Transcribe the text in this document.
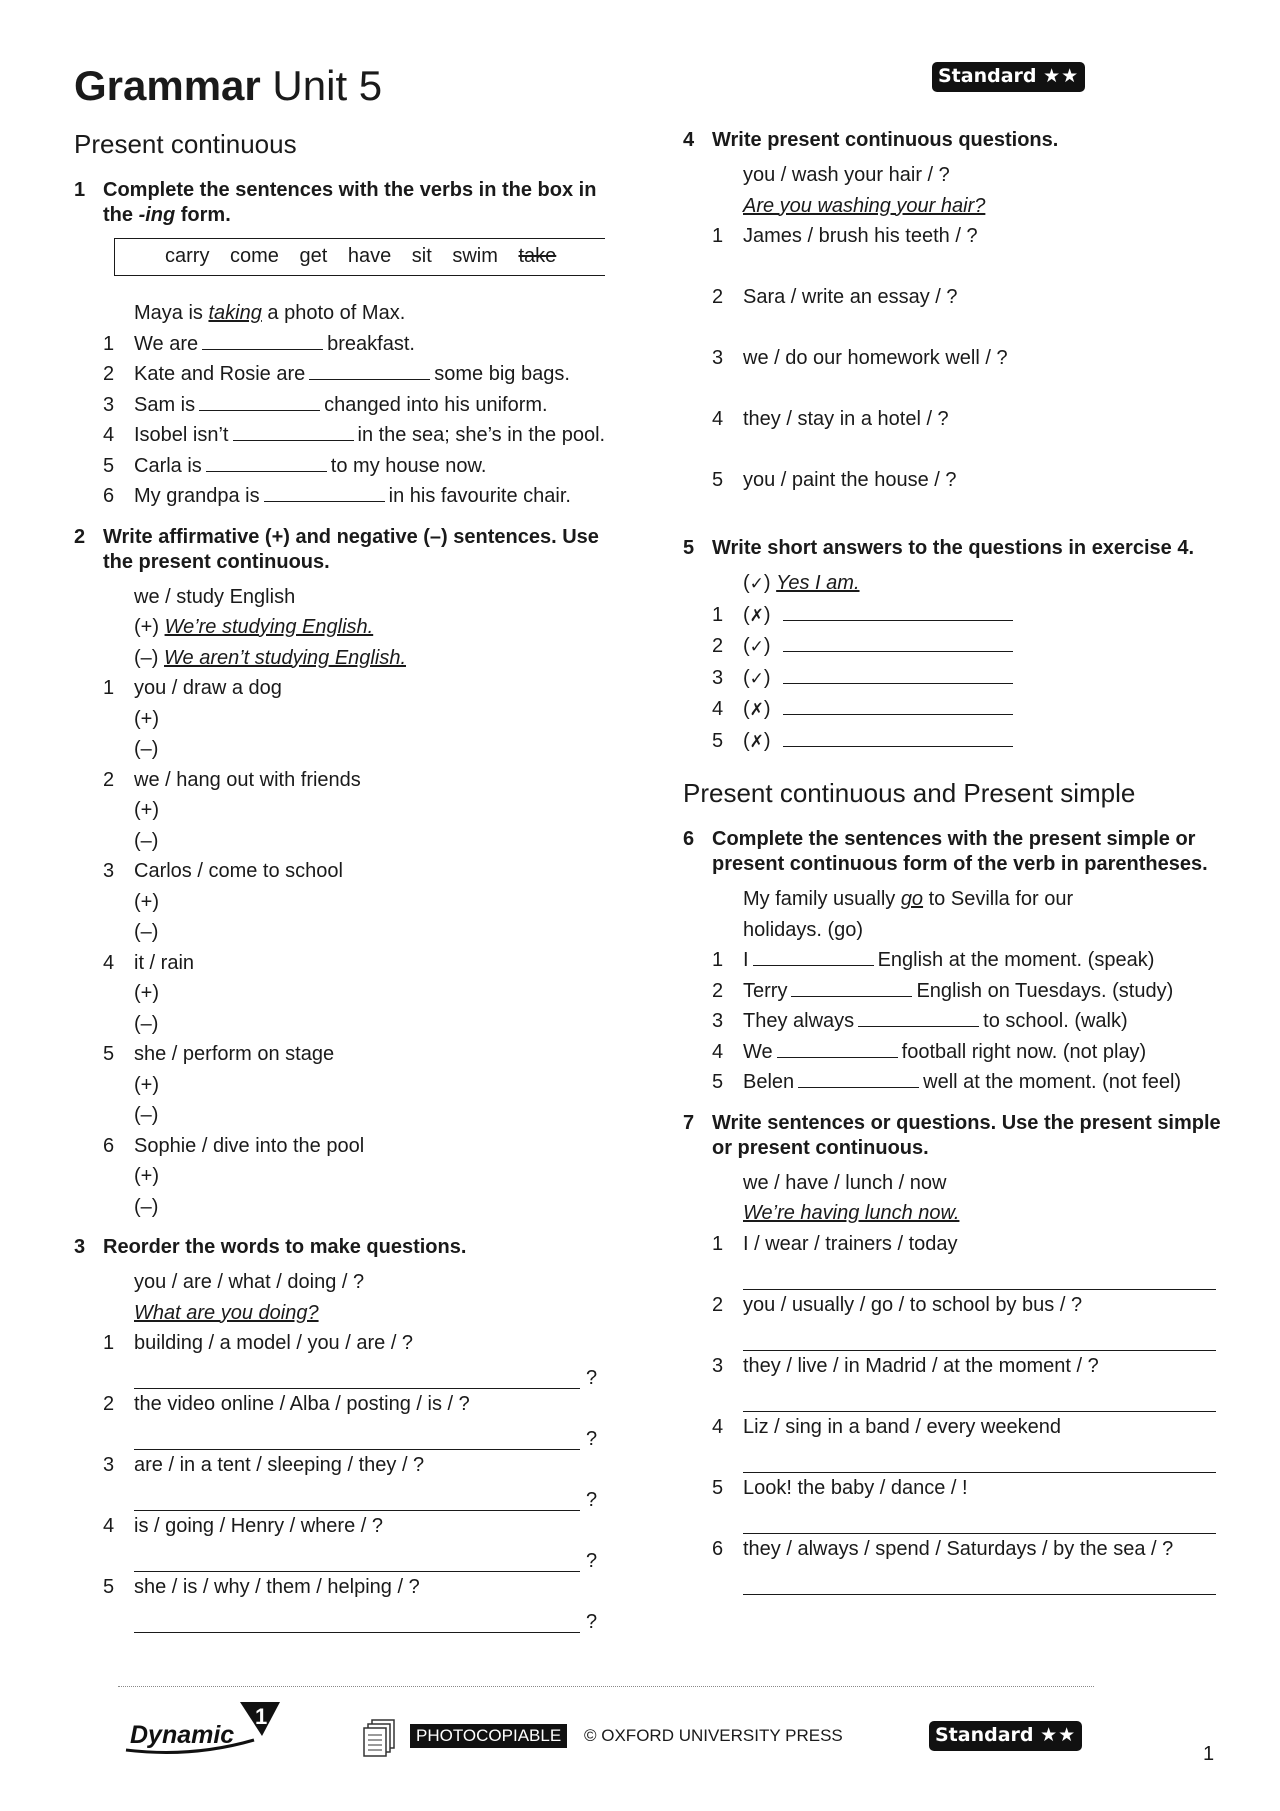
Grammar Unit 5	Standard ★★
Present continuous
1 Complete the sentences with the verbs in the box in the -ing form.
carry come get have sit swim take
Maya is taking a photo of Max.
1 We are	breakfast.
2 Kate and Rosie are	some big bags.
3 Sam is	changed into his uniform.
4 Isobel isn’t	in the sea; she’s in the pool.
5 Carla is	to my house now.
6 My grandpa is	in his favourite chair.
2 Write affirmative (+) and negative (–) sentences. Use the present continuous.
we / study English
(+) We’re studying English.
(–) We aren’t studying English.
1 you / draw a dog
(+)
(–)
2 we / hang out with friends
(+)
(–)
3 Carlos / come to school
(+)
(–)
4 it / rain
(+)
(–)
5 she / perform on stage
(+)
(–)
6 Sophie / dive into the pool
(+)
(–)
3 Reorder the words to make questions.
you / are / what / doing / ?
What are you doing?
1 building / a model / you / are / ?
?
2 the video online / Alba / posting / is / ?
?
3 are / in a tent / sleeping / they / ?
?
4 is / going / Henry / where / ?
?
5 she / is / why / them / helping / ?
?
4 Write present continuous questions.
you / wash your hair / ?
Are you washing your hair?
1 James / brush his teeth / ?
2 Sara / write an essay / ?
3 we / do our homework well / ?
4 they / stay in a hotel / ?
5 you / paint the house / ?
5 Write short answers to the questions in exercise 4.
(✓) Yes I am.
1 (✗)
2 (✓)
3 (✓)
4 (✗)
5 (✗)
Present continuous and Present simple
6 Complete the sentences with the present simple or present continuous form of the verb in parentheses.
My family usually go to Sevilla for our holidays. (go)
1 I	English at the moment. (speak)
2 Terry	English on Tuesdays. (study)
3 They always	to school. (walk)
4 We	football right now. (not play)
5 Belen	well at the moment. (not feel)
7 Write sentences or questions. Use the present simple or present continuous.
we / have / lunch / now
We’re having lunch now.
1 I / wear / trainers / today
2 you / usually / go / to school by bus / ?
3 they / live / in Madrid / at the moment / ?
4 Liz / sing in a band / every weekend
5 Look! the baby / dance / !
6 they / always / spend / Saturdays / by the sea / ?
Dynamic
1
PHOTOCOPIABLE	© OXFORD UNIVERSITY PRESS	Standard ★★
1
